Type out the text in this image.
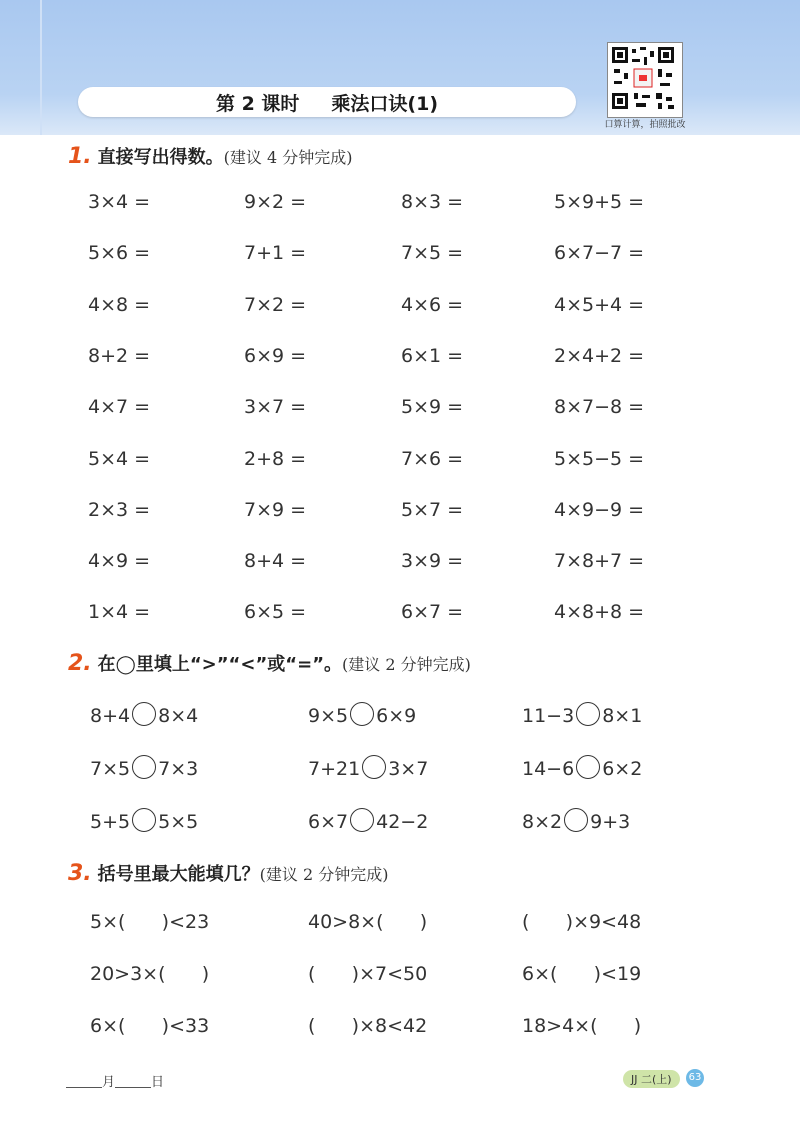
第 2 课时 乘法口诀(1)
口算计算，拍照批改
1. 直接写出得数。(建议 4 分钟完成)
3×4 =	9×2 =	8×3 =	5×9+5 =
5×6 =	7+1 =	7×5 =	6×7−7 =
4×8 =	7×2 =	4×6 =	4×5+4 =
8+2 =	6×9 =	6×1 =	2×4+2 =
4×7 =	3×7 =	5×9 =	8×7−8 =
5×4 =	2+8 =	7×6 =	5×5−5 =
2×3 =	7×9 =	5×7 =	4×9−9 =
4×9 =	8+4 =	3×9 =	7×8+7 =
1×4 =	6×5 =	6×7 =	4×8+8 =
2. 在◯里填上“>”“<”或“=”。(建议 2 分钟完成)
8+4 8×4	9×5 6×9	11−3 8×1
7×5 7×3	7+21 3×7	14−6 6×2
5+5 5×5	6×7 42−2	8×2 9+3
3. 括号里最大能填几？(建议 2 分钟完成)
5×(      )<23	40>8×(      )	(      )×9<48
20>3×(      )	(      )×7<50	6×(      )<19
6×(      )<33	(      )×8<42	18>4×(      )
月	日	JJ 二(上)	63
